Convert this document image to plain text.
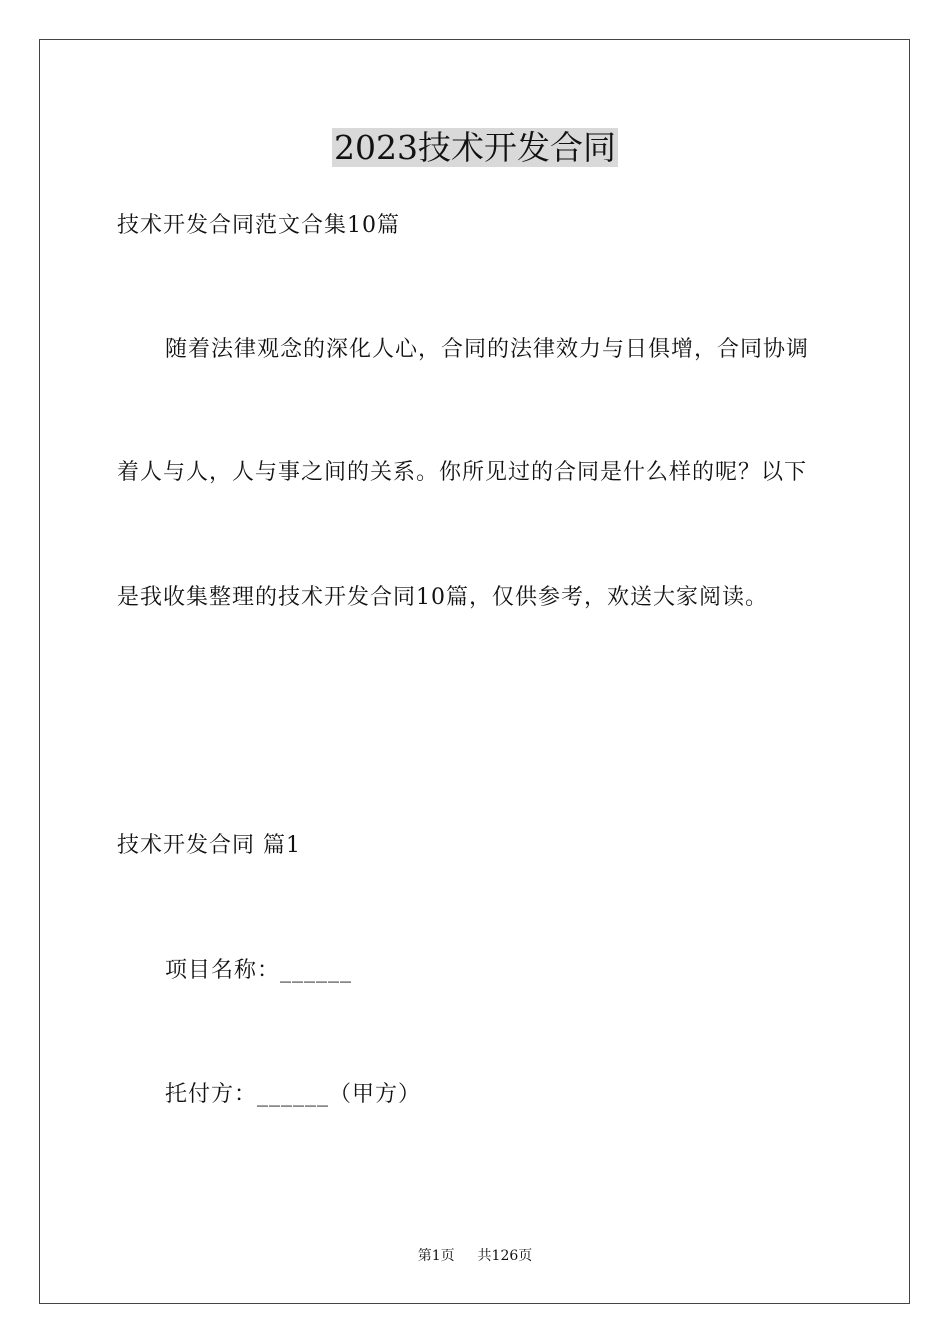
2023技术开发合同
技术开发合同范文合集10篇
随着法律观念的深化人心，合同的法律效力与日俱增，合同协调
着人与人，人与事之间的关系。你所见过的合同是什么样的呢？以下
是我收集整理的技术开发合同10篇，仅供参考，欢送大家阅读。
技术开发合同 篇1
项目名称：______
托付方：______（甲方）
第1页 共126页
